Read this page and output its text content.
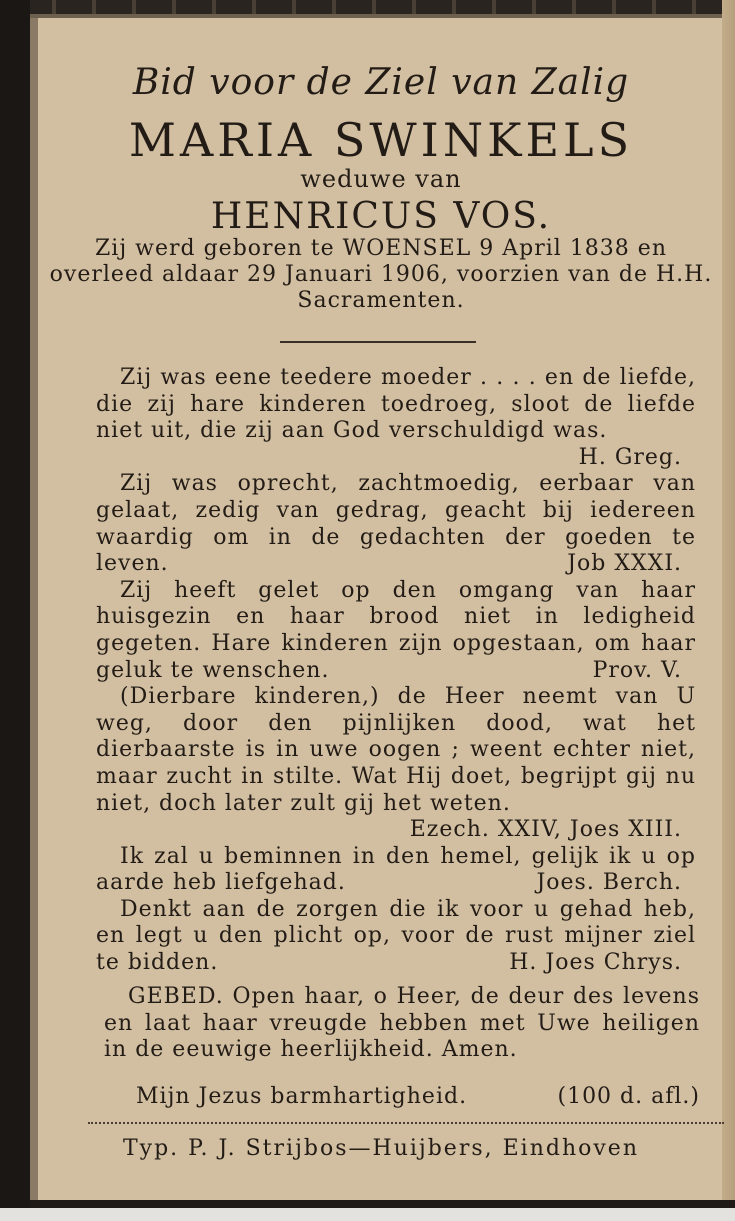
Bid voor de Ziel van Zalig
MARIA SWINKELS
weduwe van
HENRICUS VOS.
Zij werd geboren te WOENSEL 9 April 1838 en overleed aldaar 29 Januari 1906, voorzien van de H.H. Sacramenten.

Zij was eene teedere moeder . . . . en de liefde, die zij hare kinderen toedroeg, sloot de liefde niet uit, die zij aan God verschuldigd was.
H. Greg.

Zij was oprecht, zachtmoedig, eerbaar van gelaat, zedig van gedrag, geacht bij iedereen waardig om in de gedachten der goeden te leven.	Job XXXI.

Zij heeft gelet op den omgang van haar huisgezin en haar brood niet in ledigheid gegeten. Hare kinderen zijn opgestaan, om haar geluk te wenschen.	Prov. V.

(Dierbare kinderen,) de Heer neemt van U weg, door den pijnlijken dood, wat het dierbaarste is in uwe oogen ; weent echter niet, maar zucht in stilte. Wat Hij doet, begrijpt gij nu niet, doch later zult gij het weten.
Ezech. XXIV, Joes XIII.

Ik zal u beminnen in den hemel, gelijk ik u op aarde heb liefgehad.	Joes. Berch.

Denkt aan de zorgen die ik voor u gehad heb, en legt u den plicht op, voor de rust mijner ziel te bidden.	H. Joes Chrys.

GEBED. Open haar, o Heer, de deur des levens en laat haar vreugde hebben met Uwe heiligen in de eeuwige heerlijkheid. Amen.
Mijn Jezus barmhartigheid.	(100 d. afl.)
Typ. P. J. Strijbos—Huijbers, Eindhoven
